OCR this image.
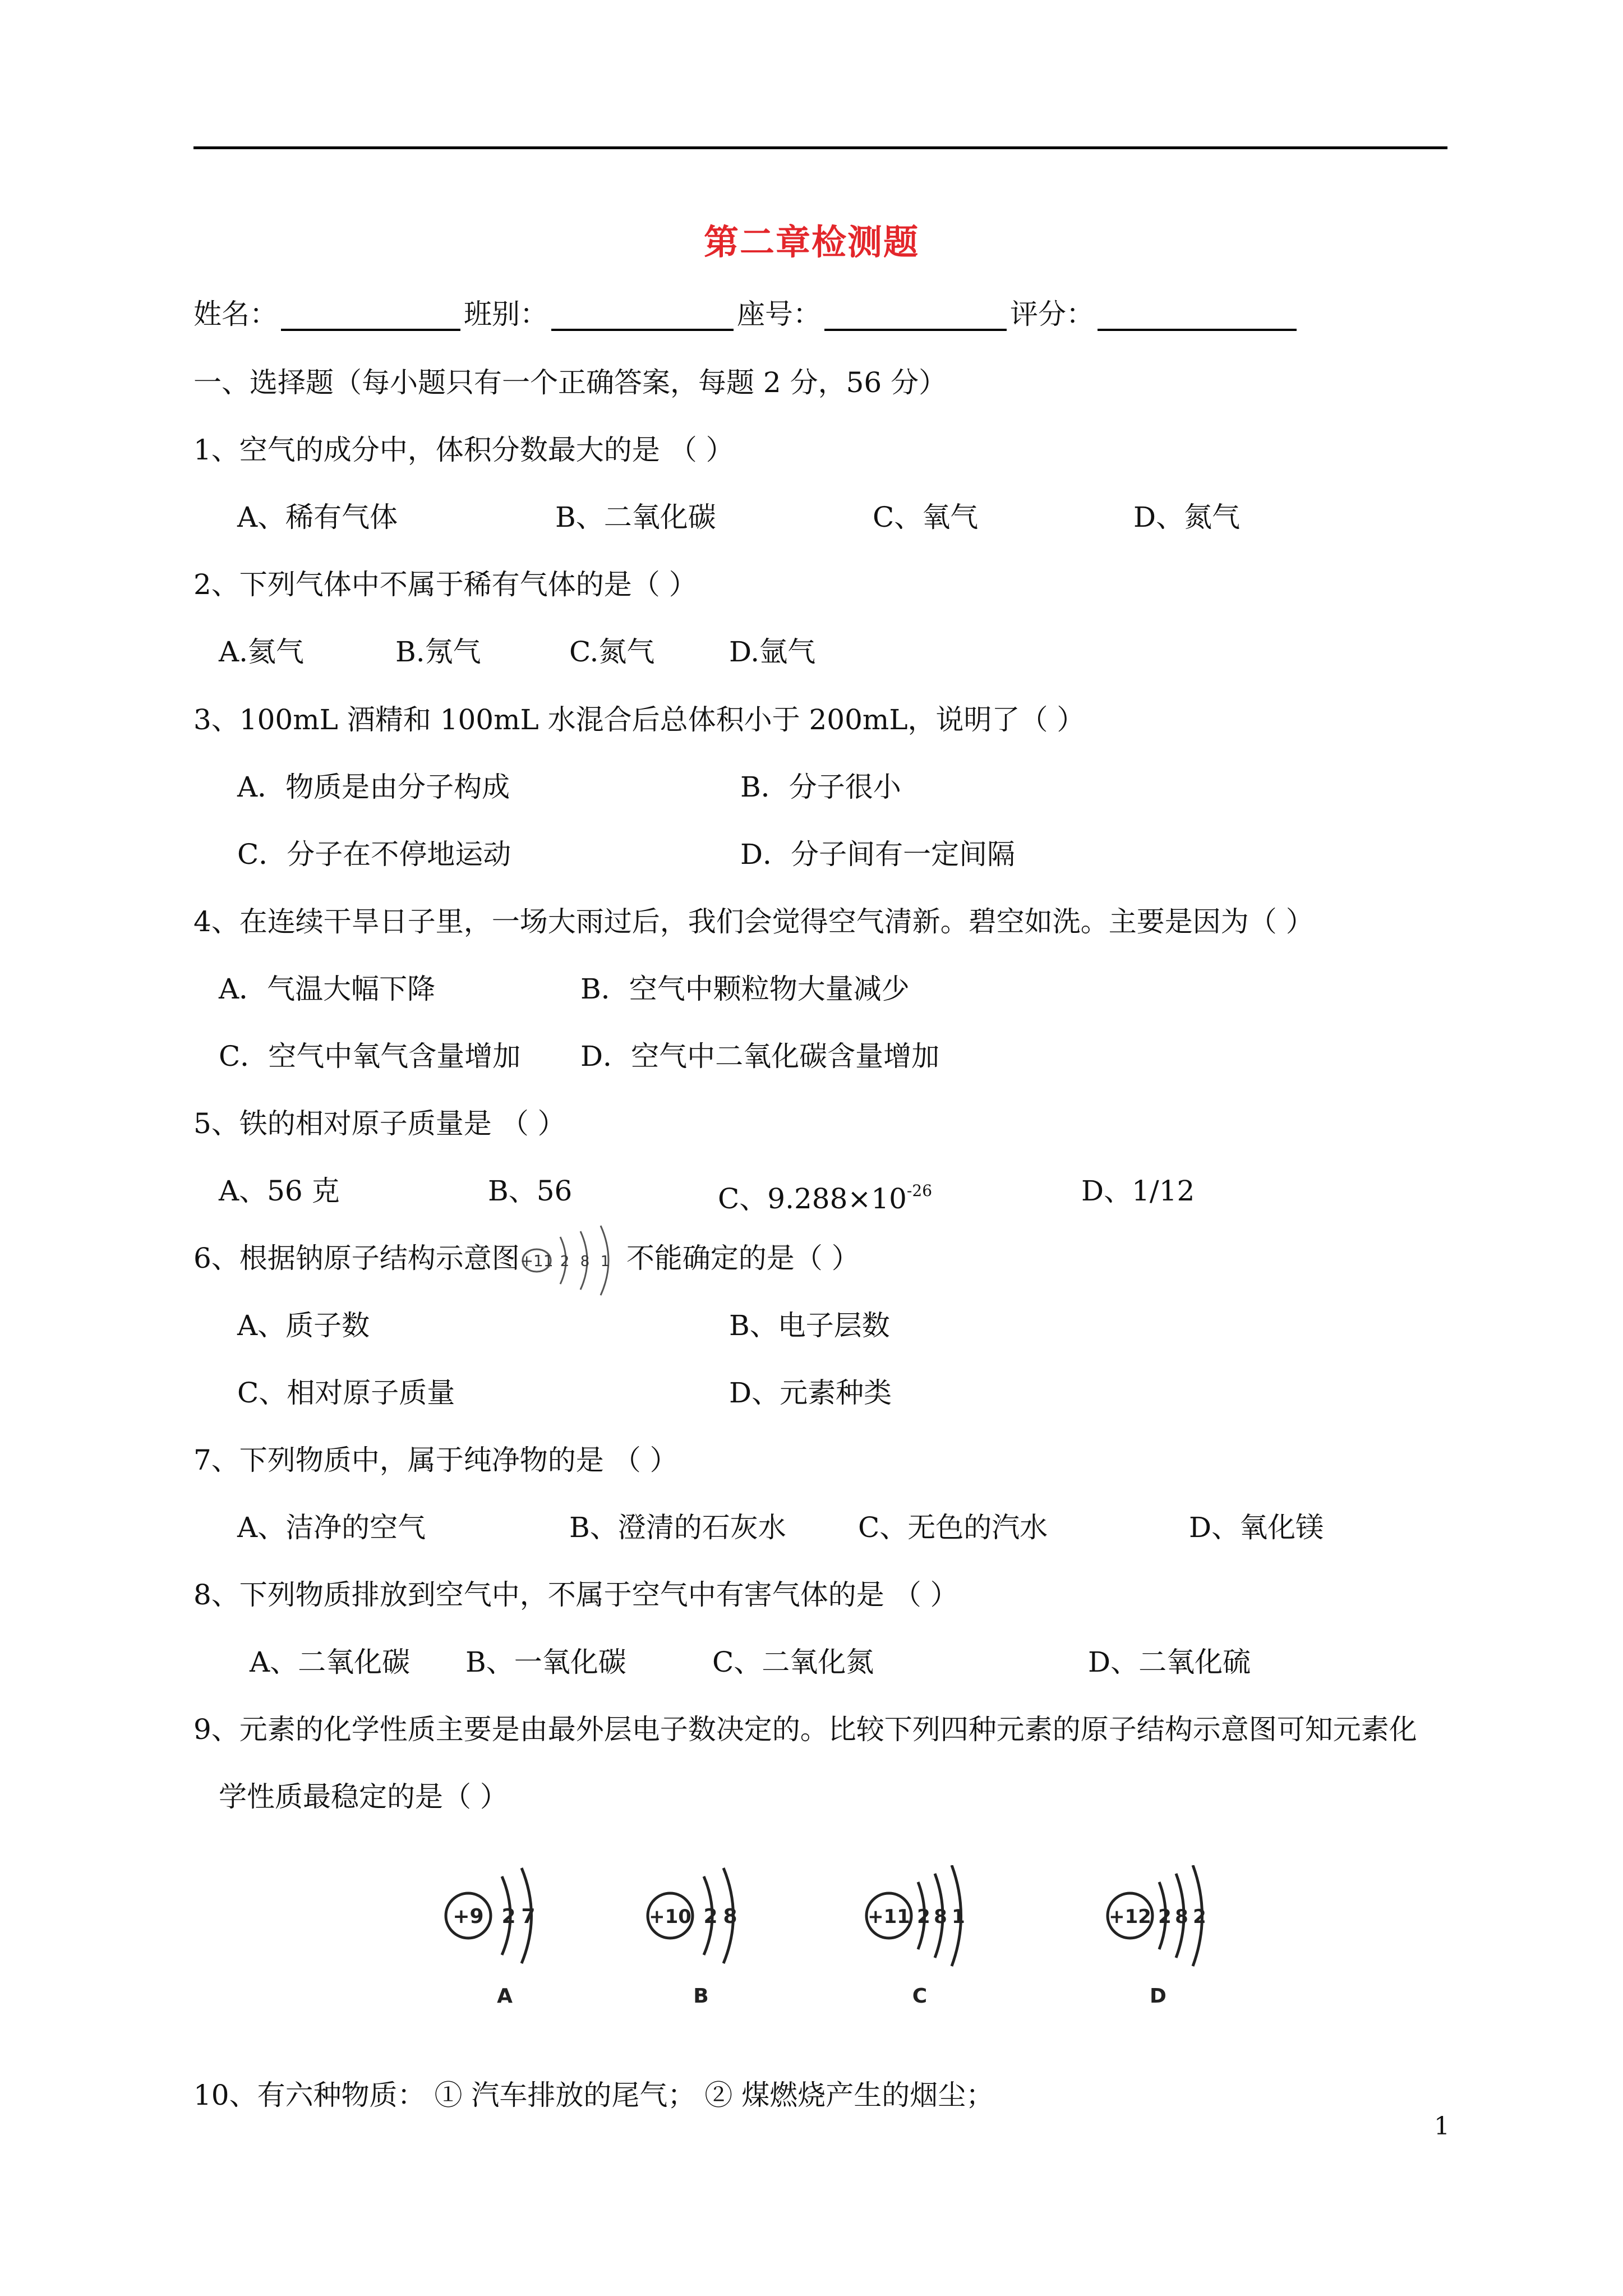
第二章检测题
姓名：	班别：	座号：	评分：
一、选择题（每小题只有一个正确答案，每题 2 分，56 分）
1、空气的成分中，体积分数最大的是 （ ）
A、稀有气体	B、二氧化碳	C、氧气	D、氮气
2、下列气体中不属于稀有气体的是（ ）
A.氦气	B.氖气	C.氮气	D.氩气
3、100mL 酒精和 100mL 水混合后总体积小于 200mL，说明了（ ）
A．物质是由分子构成	B．分子很小
C．分子在不停地运动	D．分子间有一定间隔
4、在连续干旱日子里，一场大雨过后，我们会觉得空气清新。碧空如洗。主要是因为（ ）
A．气温大幅下降	B．空气中颗粒物大量减少
C．空气中氧气含量增加 D．空气中二氧化碳含量增加
5、铁的相对原子质量是 （ ）
A、56 克	B、56	C、$9.288\times 10^{-26}$	D、1/12
6、根据钠原子结构示意图 +11 2 8 1 不能确定的是（ ）
A、质子数	B、电子层数
C、相对原子质量	D、元素种类
7、下列物质中，属于纯净物的是 （ ）
A、洁净的空气	B、澄清的石灰水	C、无色的汽水	D、氧化镁
8、下列物质排放到空气中，不属于空气中有害气体的是 （ ）
A、二氧化碳 B、一氧化碳	C、二氧化氮	D、二氧化硫
9、元素的化学性质主要是由最外层电子数决定的。比较下列四种元素的原子结构示意图可知元素化
学性质最稳定的是（ ）
+9 2 7
A
+10 2 8
B
+11 2 8 1
C
+12 2 8 2
D
10、有六种物质： ① 汽车排放的尾气； ② 煤燃烧产生的烟尘；
1
